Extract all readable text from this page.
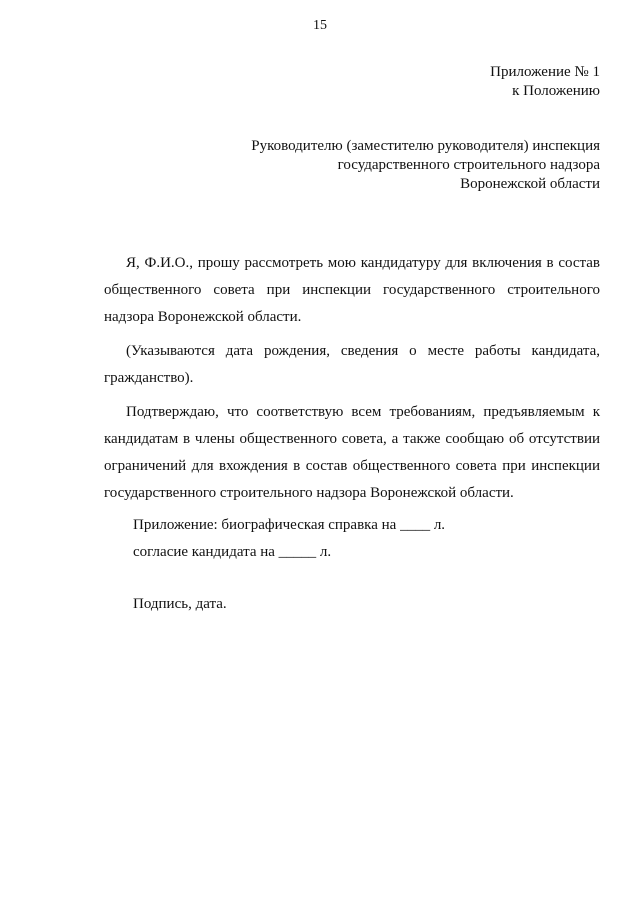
15
Приложение № 1
к Положению
Руководителю (заместителю руководителя) инспекция
государственного строительного надзора
Воронежской области

Я, Ф.И.О., прошу рассмотреть мою кандидатуру для включения в состав общественного совета при инспекции государственного строительного надзора Воронежской области.

(Указываются дата рождения, сведения о месте работы кандидата, гражданство).

Подтверждаю, что соответствую всем требованиям, предъявляемым к кандидатам в члены общественного совета, а также сообщаю об отсутствии ограничений для вхождения в состав общественного совета при инспекции государственного строительного надзора Воронежской области.

Приложение: биографическая справка на ____ л.
согласие кандидата на _____ л.
Подпись, дата.
